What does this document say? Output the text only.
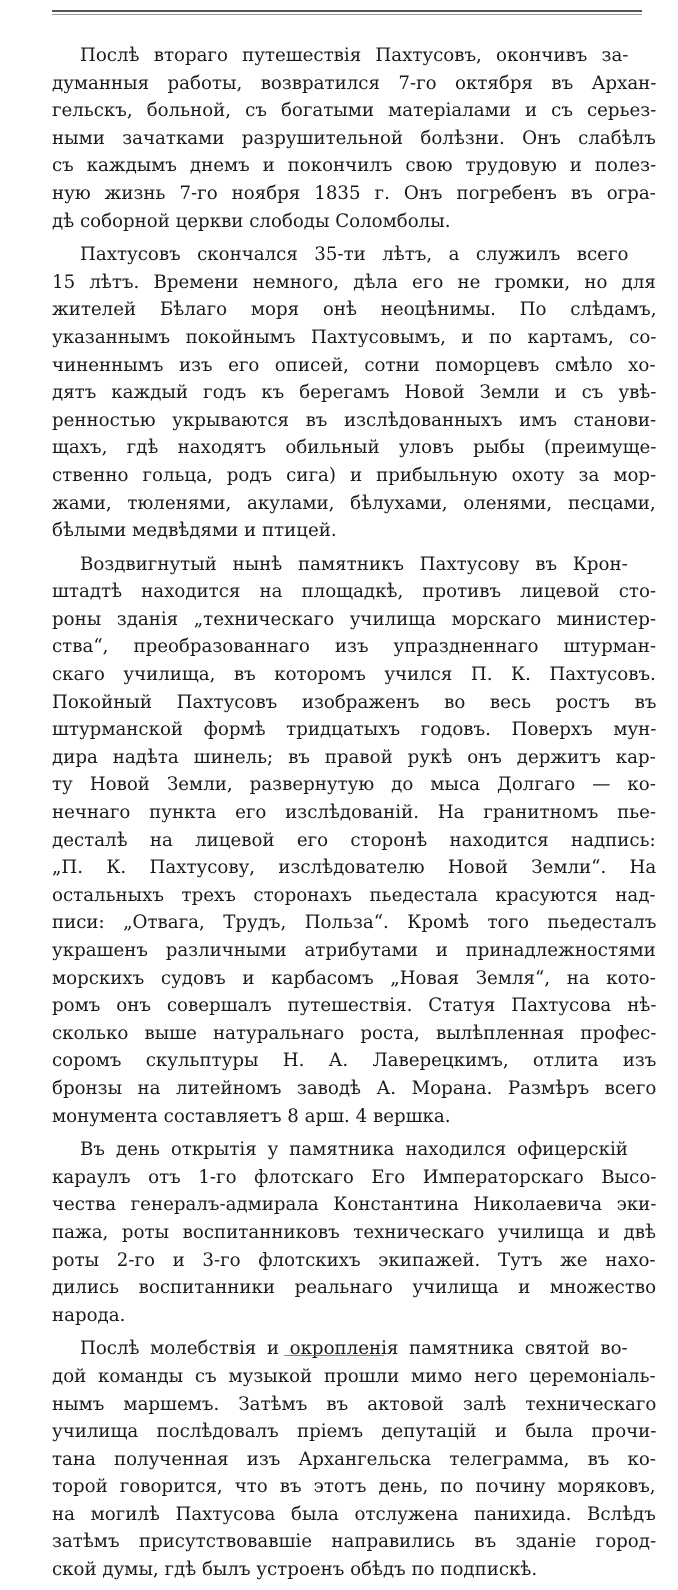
Послѣ втораго путешествія Пахтусовъ, окончивъ за-
думанныя работы, возвратился 7-го октября въ Архан-
гельскъ, больной, съ богатыми матеріалами и съ серьез-
ными зачатками разрушительной болѣзни. Онъ слабѣлъ
съ каждымъ днемъ и покончилъ свою трудовую и полез-
ную жизнь 7-го ноября 1835 г. Онъ погребенъ въ огра-
дѣ соборной церкви слободы Соломболы.
Пахтусовъ скончался 35-ти лѣтъ, а служилъ всего
15 лѣтъ. Времени немного, дѣла его не громки, но для
жителей Бѣлаго моря онѣ неоцѣнимы. По слѣдамъ,
указаннымъ покойнымъ Пахтусовымъ, и по картамъ, со-
чиненнымъ изъ его описей, сотни поморцевъ смѣло хо-
дятъ каждый годъ къ берегамъ Новой Земли и съ увѣ-
ренностью укрываются въ изслѣдованныхъ имъ станови-
щахъ, гдѣ находятъ обильный уловъ рыбы (преимуще-
ственно гольца, родъ сига) и прибыльную охоту за мор-
жами, тюленями, акулами, бѣлухами, оленями, песцами,
бѣлыми медвѣдями и птицей.
Воздвигнутый нынѣ памятникъ Пахтусову въ Крон-
штадтѣ находится на площадкѣ, противъ лицевой сто-
роны зданія „техническаго училища морскаго министер-
ства“, преобразованнаго изъ упраздненнаго штурман-
скаго училища, въ которомъ учился П. К. Пахтусовъ.
Покойный Пахтусовъ изображенъ во весь ростъ въ
штурманской формѣ тридцатыхъ годовъ. Поверхъ мун-
дира надѣта шинель; въ правой рукѣ онъ держитъ кар-
ту Новой Земли, развернутую до мыса Долгаго — ко-
нечнаго пункта его изслѣдованій. На гранитномъ пье-
десталѣ на лицевой его сторонѣ находится надпись:
„П. К. Пахтусову, изслѣдователю Новой Земли“. На
остальныхъ трехъ сторонахъ пьедестала красуются над-
писи: „Отвага, Трудъ, Польза“. Кромѣ того пьедесталъ
украшенъ различными атрибутами и принадлежностями
морскихъ судовъ и карбасомъ „Новая Земля“, на кото-
ромъ онъ совершалъ путешествія. Статуя Пахтусова нѣ-
сколько выше натуральнаго роста, вылѣпленная профес-
соромъ скульптуры Н. А. Лаверецкимъ, отлита изъ
бронзы на литейномъ заводѣ А. Морана. Размѣръ всего
монумента составляетъ 8 арш. 4 вершка.
Въ день открытія у памятника находился офицерскій
караулъ отъ 1-го флотскаго Его Императорскаго Высо-
чества генералъ-адмирала Константина Николаевича эки-
пажа, роты воспитанниковъ техническаго училища и двѣ
роты 2-го и 3-го флотскихъ экипажей. Тутъ же нахо-
дились воспитанники реальнаго училища и множество
народа.
Послѣ молебствія и окропленія памятника святой во-
дой команды съ музыкой прошли мимо него церемоніаль-
нымъ маршемъ. Затѣмъ въ актовой залѣ техническаго
училища послѣдовалъ пріемъ депутацій и была прочи-
тана полученная изъ Архангельска телеграмма, въ ко-
торой говорится, что въ этотъ день, по почину моряковъ,
на могилѣ Пахтусова была отслужена панихида. Вслѣдъ
затѣмъ присутствовавшіе направились въ зданіе город-
ской думы, гдѣ былъ устроенъ обѣдъ по подпискѣ.
